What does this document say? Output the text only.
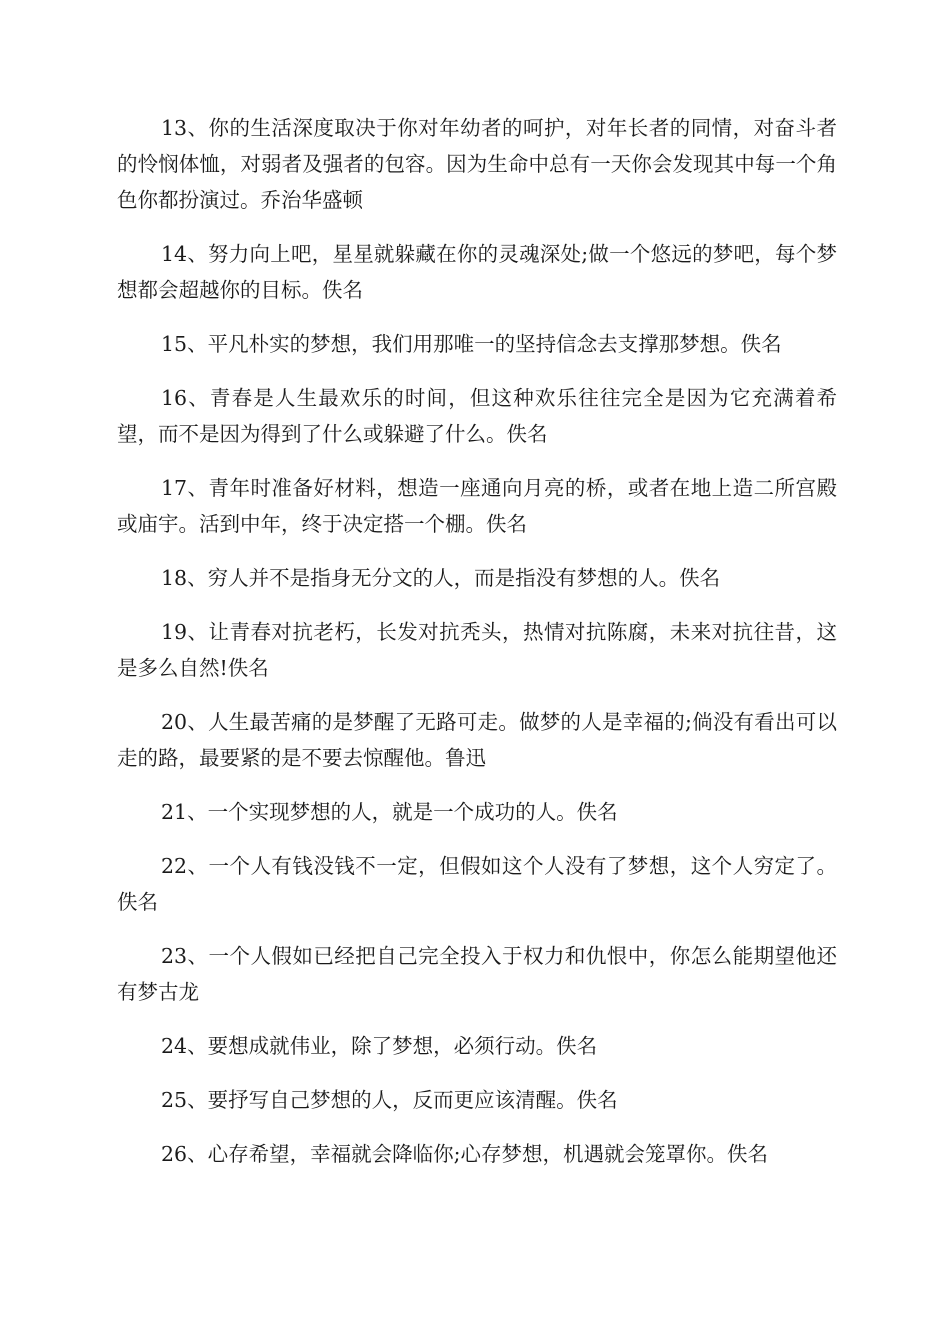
13、你的生活深度取决于你对年幼者的呵护，对年长者的同情，对奋斗者的怜悯体恤，对弱者及强者的包容。因为生命中总有一天你会发现其中每一个角色你都扮演过。乔治华盛顿

14、努力向上吧，星星就躲藏在你的灵魂深处;做一个悠远的梦吧，每个梦想都会超越你的目标。佚名

15、平凡朴实的梦想，我们用那唯一的坚持信念去支撑那梦想。佚名

16、青春是人生最欢乐的时间，但这种欢乐往往完全是因为它充满着希望，而不是因为得到了什么或躲避了什么。佚名

17、青年时准备好材料，想造一座通向月亮的桥，或者在地上造二所宫殿或庙宇。活到中年，终于决定搭一个棚。佚名

18、穷人并不是指身无分文的人，而是指没有梦想的人。佚名

19、让青春对抗老朽，长发对抗秃头，热情对抗陈腐，未来对抗往昔，这是多么自然!佚名

20、人生最苦痛的是梦醒了无路可走。做梦的人是幸福的;倘没有看出可以走的路，最要紧的是不要去惊醒他。鲁迅

21、一个实现梦想的人，就是一个成功的人。佚名

22、一个人有钱没钱不一定，但假如这个人没有了梦想，这个人穷定了。佚名

23、一个人假如已经把自己完全投入于权力和仇恨中，你怎么能期望他还有梦古龙

24、要想成就伟业，除了梦想，必须行动。佚名

25、要抒写自己梦想的人，反而更应该清醒。佚名

26、心存希望，幸福就会降临你;心存梦想，机遇就会笼罩你。佚名
